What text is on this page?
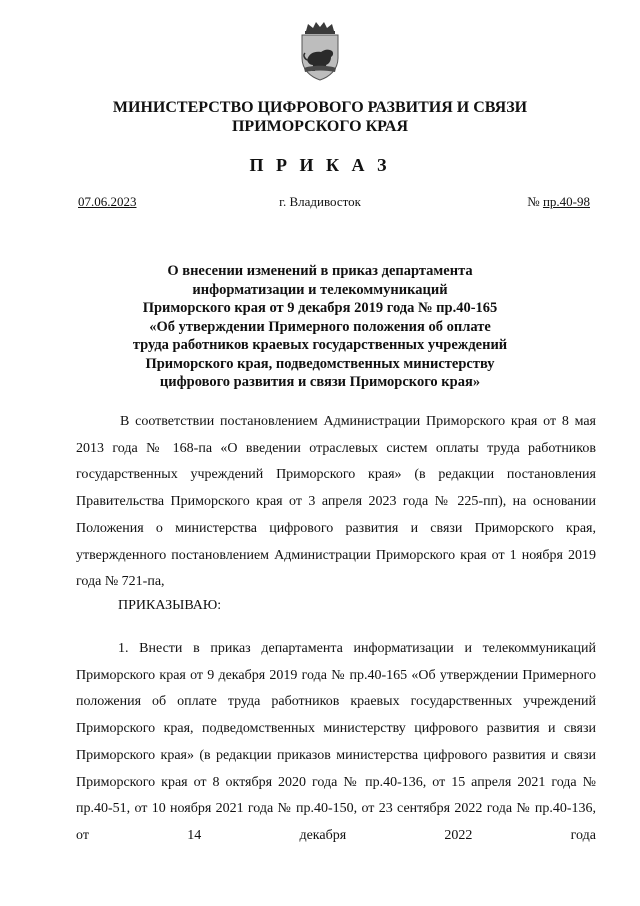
МИНИСТЕРСТВО ЦИФРОВОГО РАЗВИТИЯ И СВЯЗИ
ПРИМОРСКОГО КРАЯ
П Р И К А З
07.06.2023	г. Владивосток	№ пр.40-98
О внесении изменений в приказ департамента
информатизации и телекоммуникаций
Приморского края от 9 декабря 2019 года № пр.40-165
«Об утверждении Примерного положения об оплате
труда работников краевых государственных учреждений
Приморского края, подведомственных министерству
цифрового развития и связи Приморского края»
В соответствии постановлением Администрации Приморского края от 8 мая 2013 года № 168-па «О введении отраслевых систем оплаты труда работников государственных учреждений Приморского края» (в редакции постановления Правительства Приморского края от 3 апреля 2023 года № 225-пп), на основании Положения о министерства цифрового развития и связи Приморского края, утвержденного постановлением Администрации Приморского края от 1 ноября 2019 года № 721-па,
ПРИКАЗЫВАЮ:
1. Внести в приказ департамента информатизации и телекоммуникаций Приморского края от 9 декабря 2019 года № пр.40-165 «Об утверждении Примерного положения об оплате труда работников краевых государственных учреждений Приморского края, подведомственных министерству цифрового развития и связи Приморского края» (в редакции приказов министерства цифрового развития и связи Приморского края от 8 октября 2020 года № пр.40-136, от 15 апреля 2021 года № пр.40-51, от 10 ноября 2021 года № пр.40-150, от 23 сентября 2022 года № пр.40-136, от 14 декабря 2022 года
